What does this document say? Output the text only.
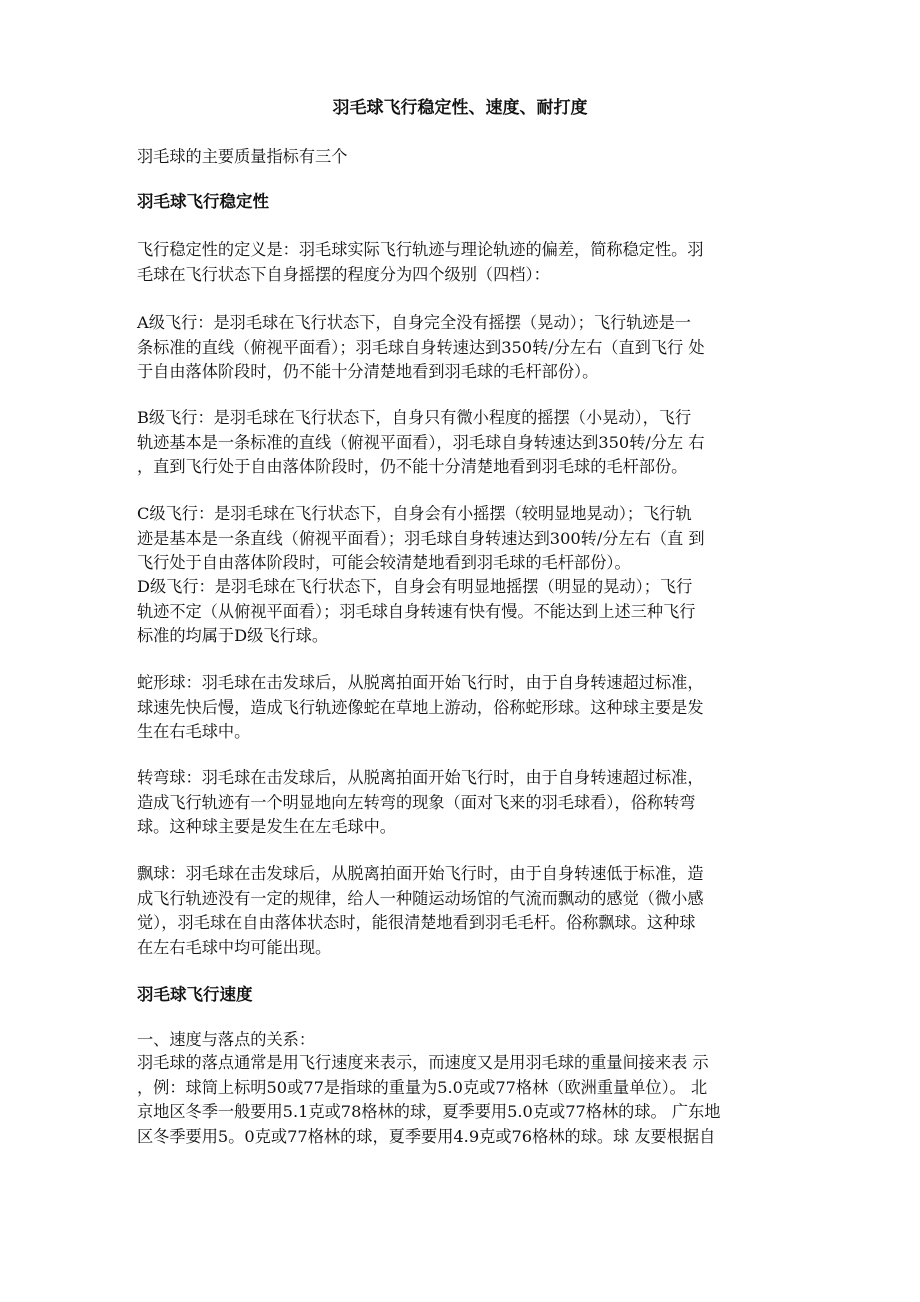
羽毛球飞行稳定性、速度、耐打度
羽毛球的主要质量指标有三个
羽毛球飞行稳定性
飞行稳定性的定义是：羽毛球实际飞行轨迹与理论轨迹的偏差，简称稳定性。羽
毛球在飞行状态下自身摇摆的程度分为四个级别（四档）：
A级飞行：是羽毛球在飞行状态下，自身完全没有摇摆（晃动）；飞行轨迹是一
条标准的直线（俯视平面看）；羽毛球自身转速达到350转/分左右（直到飞行 处
于自由落体阶段时，仍不能十分清楚地看到羽毛球的毛杆部份）。
B级飞行：是羽毛球在飞行状态下，自身只有微小程度的摇摆（小晃动），飞行
轨迹基本是一条标准的直线（俯视平面看），羽毛球自身转速达到350转/分左 右
，直到飞行处于自由落体阶段时，仍不能十分清楚地看到羽毛球的毛杆部份。
C级飞行：是羽毛球在飞行状态下，自身会有小摇摆（较明显地晃动）；飞行轨
迹是基本是一条直线（俯视平面看）；羽毛球自身转速达到300转/分左右（直 到
飞行处于自由落体阶段时，可能会较清楚地看到羽毛球的毛杆部份）。
D级飞行：是羽毛球在飞行状态下，自身会有明显地摇摆（明显的晃动）；飞行
轨迹不定（从俯视平面看）；羽毛球自身转速有快有慢。不能达到上述三种飞行
标准的均属于D级飞行球。
蛇形球：羽毛球在击发球后，从脱离拍面开始飞行时，由于自身转速超过标准，
球速先快后慢，造成飞行轨迹像蛇在草地上游动，俗称蛇形球。这种球主要是发
生在右毛球中。
转弯球：羽毛球在击发球后，从脱离拍面开始飞行时，由于自身转速超过标准，
造成飞行轨迹有一个明显地向左转弯的现象（面对飞来的羽毛球看），俗称转弯
球。这种球主要是发生在左毛球中。
飘球：羽毛球在击发球后，从脱离拍面开始飞行时，由于自身转速低于标准，造
成飞行轨迹没有一定的规律，给人一种随运动场馆的气流而飘动的感觉（微小感
觉），羽毛球在自由落体状态时，能很清楚地看到羽毛毛杆。俗称飘球。这种球
在左右毛球中均可能出现。
羽毛球飞行速度
一、速度与落点的关系：
羽毛球的落点通常是用飞行速度来表示，而速度又是用羽毛球的重量间接来表 示
，例：球筒上标明50或77是指球的重量为5.0克或77格林（欧洲重量单位）。 北
京地区冬季一般要用5.1克或78格林的球，夏季要用5.0克或77格林的球。 广东地
区冬季要用5。0克或77格林的球，夏季要用4.9克或76格林的球。球 友要根据自
